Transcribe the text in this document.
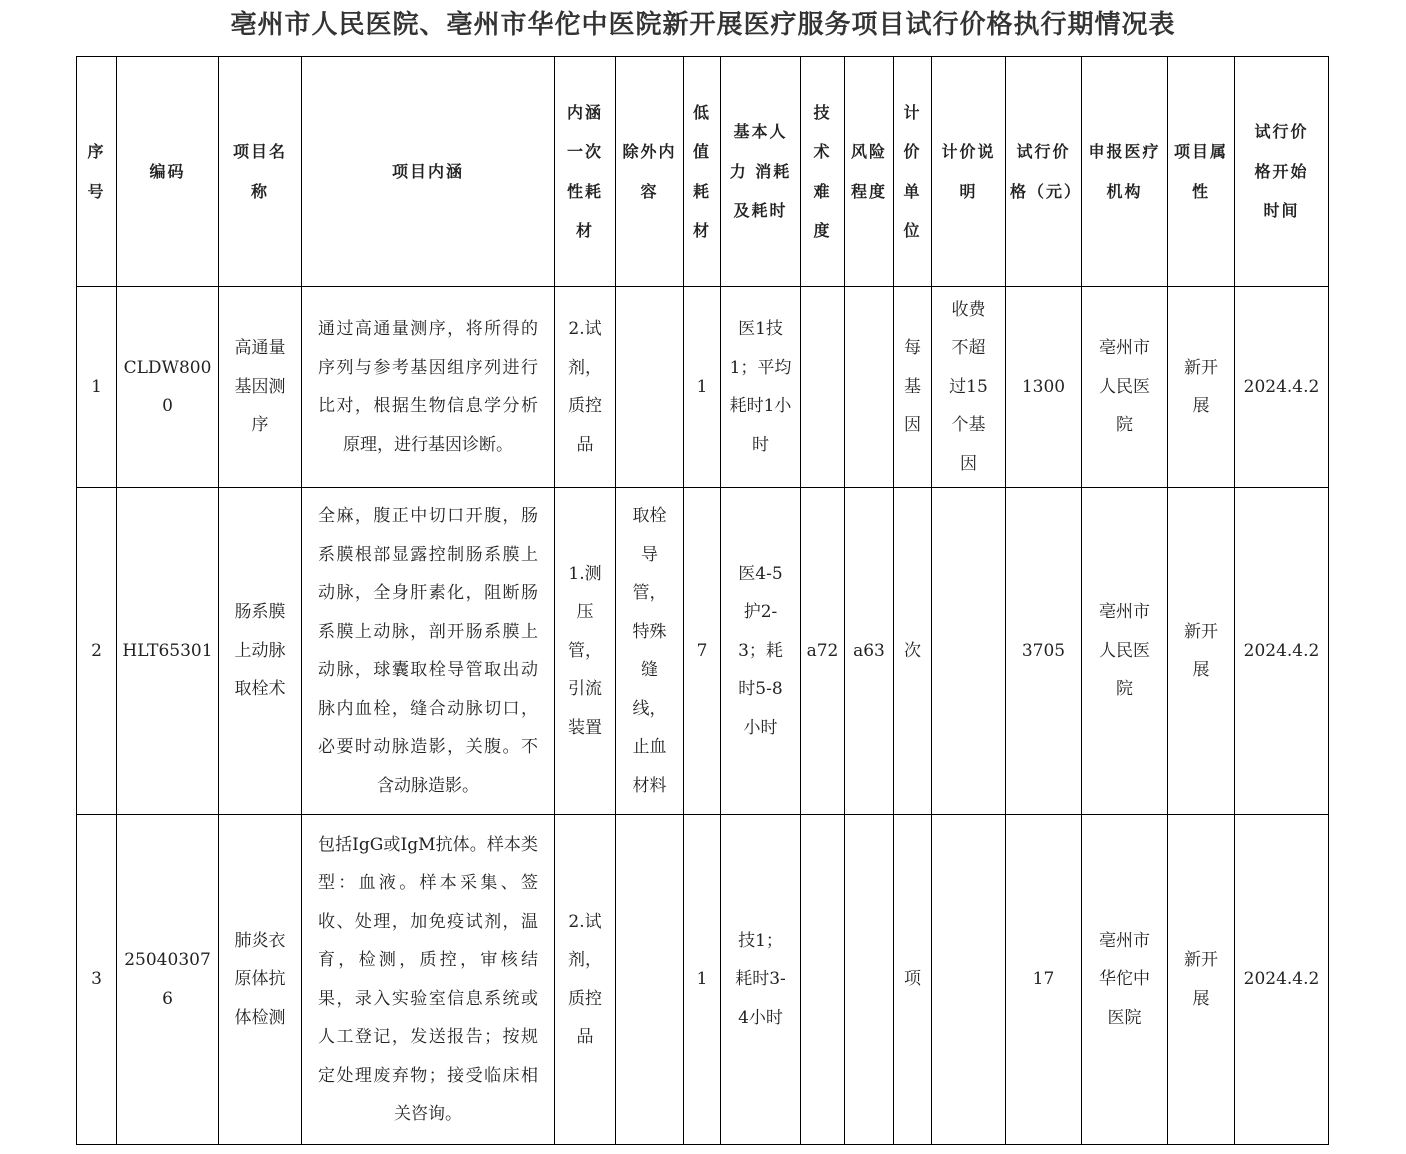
亳州市人民医院、亳州市华佗中医院新开展医疗服务项目试行价格执行期情况表
序号	编码	项目名称	项目内涵	内涵一次性耗材	除外内容	低值耗材	基本人力 消耗及耗时	技术难度	风险程度	计价单位	计价说明	试行价格（元）	申报医疗机构	项目属性	试行价格开始时间
1	CLDW8000	高通量基因测序	通过高通量测序，将所得的序列与参考基因组序列进行比对，根据生物信息学分析原理，进行基因诊断。	2.试剂，质控品		1	医1技1；平均耗时1小时			每基因	收费不超过15个基因	1300	亳州市人民医院	新开展	2024.4.2
2	HLT65301	肠系膜上动脉取栓术	全麻，腹正中切口开腹，肠系膜根部显露控制肠系膜上动脉，全身肝素化，阻断肠系膜上动脉，剖开肠系膜上动脉，球囊取栓导管取出动脉内血栓，缝合动脉切口，必要时动脉造影，关腹。不含动脉造影。	1.测压管，引流装置	取栓导管，特殊缝线，止血材料	7	医4-5护2-3；耗时5-8小时	a72	a63	次		3705	亳州市人民医院	新开展	2024.4.2
3	250403076	肺炎衣原体抗体检测	包括IgG或IgM抗体。样本类型：血液。样本采集、签收、处理，加免疫试剂，温育，检测，质控，审核结果，录入实验室信息系统或人工登记，发送报告；按规定处理废弃物；接受临床相关咨询。	2.试剂，质控品		1	技1；耗时3-4小时			项		17	亳州市华佗中医院	新开展	2024.4.2
